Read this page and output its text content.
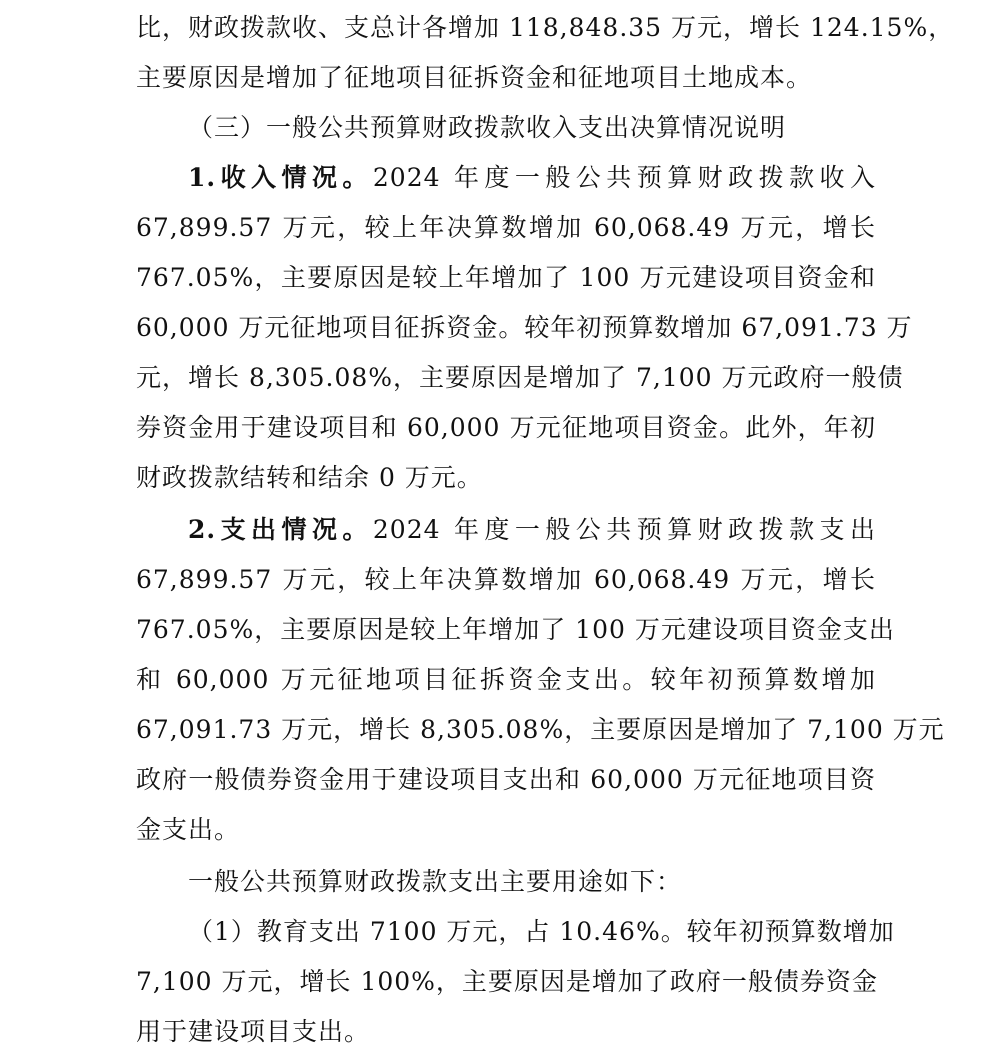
比，财政拨款收、支总计各增加 118,848.35 万元，增长 124.15%，
主要原因是增加了征地项目征拆资金和征地项目土地成本。
（三）一般公共预算财政拨款收入支出决算情况说明
1.收入情况。2024 年度一般公共预算财政拨款收入
67,899.57 万元，较上年决算数增加 60,068.49 万元，增长
767.05%，主要原因是较上年增加了 100 万元建设项目资金和
60,000 万元征地项目征拆资金。较年初预算数增加 67,091.73 万
元，增长 8,305.08%，主要原因是增加了 7,100 万元政府一般债
券资金用于建设项目和 60,000 万元征地项目资金。此外，年初
财政拨款结转和结余 0 万元。
2.支出情况。2024 年度一般公共预算财政拨款支出
67,899.57 万元，较上年决算数增加 60,068.49 万元，增长
767.05%，主要原因是较上年增加了 100 万元建设项目资金支出
和 60,000 万元征地项目征拆资金支出。较年初预算数增加
67,091.73 万元，增长 8,305.08%，主要原因是增加了 7,100 万元
政府一般债券资金用于建设项目支出和 60,000 万元征地项目资
金支出。
一般公共预算财政拨款支出主要用途如下：
（1）教育支出 7100 万元，占 10.46%。较年初预算数增加
7,100 万元，增长 100%，主要原因是增加了政府一般债券资金
用于建设项目支出。
